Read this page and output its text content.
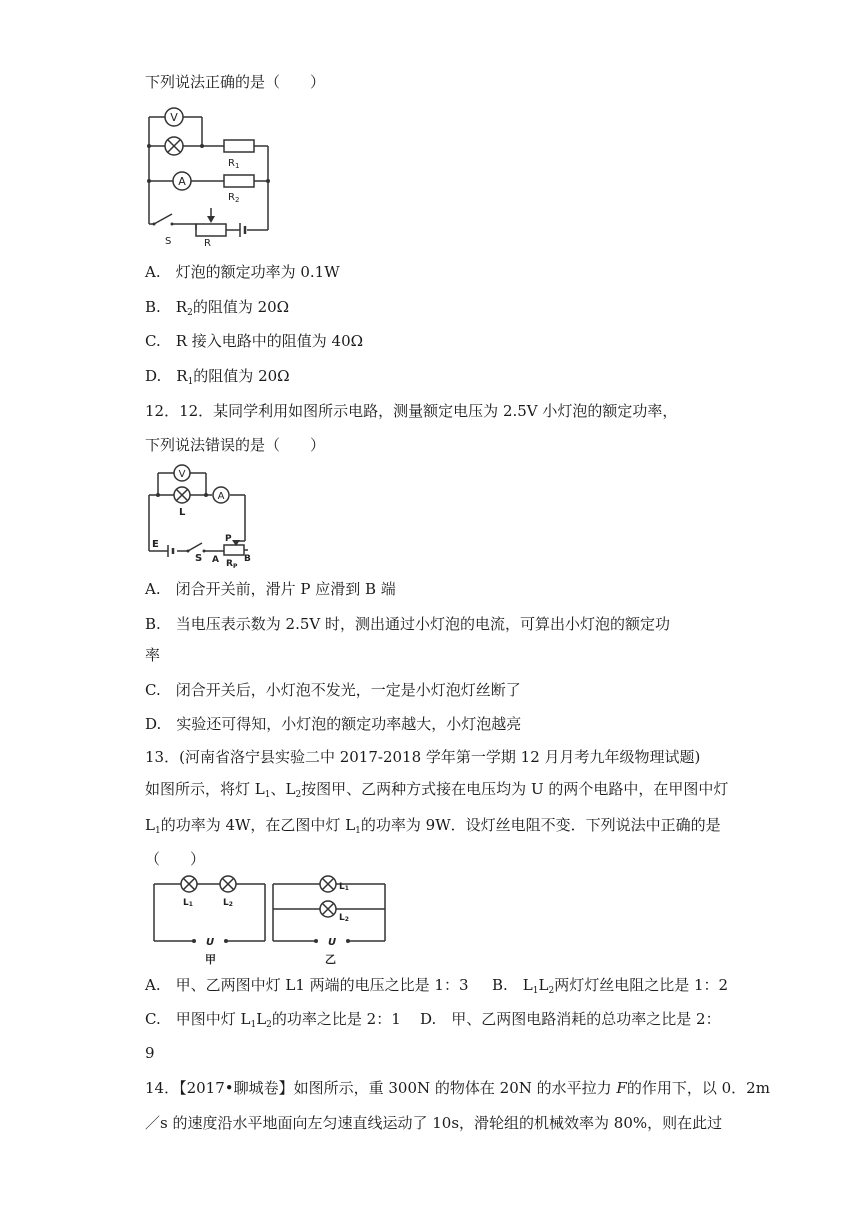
下列说法正确的是（　　）
V
A
$R_1$
$R_2$
S	R
A.　灯泡的额定功率为 0.1W
B.　$R_2$的阻值为 20Ω
C.　R 接入电路中的阻值为 40Ω
D.　$R_1$的阻值为 20Ω
12．12．某同学利用如图所示电路，测量额定电压为 2.5V 小灯泡的额定功率，
下列说法错误的是（　　）
V
L
A
E
S A
P
$R_P$
B
A.　闭合开关前，滑片 P 应滑到 B 端
B.　当电压表示数为 2.5V 时，测出通过小灯泡的电流，可算出小灯泡的额定功
率
C.　闭合开关后，小灯泡不发光，一定是小灯泡灯丝断了
D.　实验还可得知，小灯泡的额定功率越大，小灯泡越亮
13．(河南省洛宁县实验二中 2017-2018 学年第一学期 12 月月考九年级物理试题)
如图所示，将灯 $L_1$、$L_2$按图甲、乙两种方式接在电压均为 U 的两个电路中，在甲图中灯
$L_1$的功率为 4W，在乙图中灯 $L_1$的功率为 9W．设灯丝电阻不变．下列说法中正确的是
（　　）
L1	L2
L1
L2
U	U
甲	乙
A.　甲、乙两图中灯 L1 两端的电压之比是 1：3 B.　$L_1L_2$两灯灯丝电阻之比是 1：2
C.　甲图中灯 $L_1L_2$的功率之比是 2：1 D.　甲、乙两图电路消耗的总功率之比是 2：
9
14．【2017•聊城卷】如图所示，重 300N 的物体在 20N 的水平拉力 F的作用下，以 0．2m
／s 的速度沿水平地面向左匀速直线运动了 10s，滑轮组的机械效率为 80%，则在此过
